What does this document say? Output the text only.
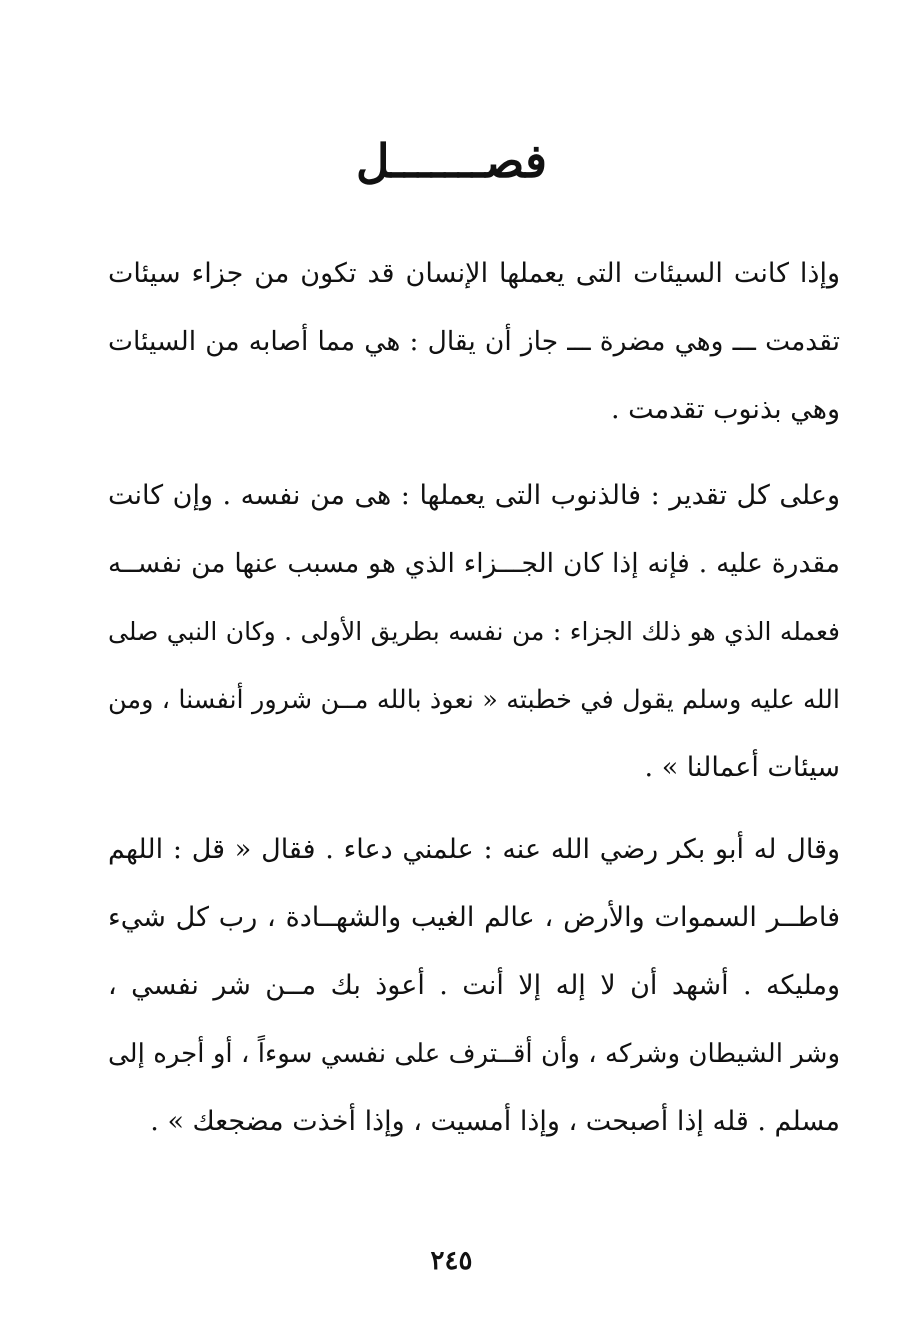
فصـــــــل
وإذا كانت السيئات التى يعملها الإنسان قد تكون من جزاء سيئات
تقدمت ـــ وهي مضرة ـــ جاز أن يقال : هي مما أصابه من السيئات
وهي بذنوب تقدمت .
وعلى كل تقدير : فالذنوب التى يعملها : هى من نفسه . وإن كانت
مقدرة عليه . فإنه إذا كان الجـــزاء الذي هو مسبب عنها من نفســه
فعمله الذي هو ذلك الجزاء : من نفسه بطريق الأولى . وكان النبي صلى
الله عليه وسلم يقول في خطبته « نعوذ بالله مــن شرور أنفسنا ، ومن
سيئات أعمالنا » .
وقال له أبو بكر رضي الله عنه : علمني دعاء . فقال « قل : اللهم
فاطــر السموات والأرض ، عالم الغيب والشهــادة ، رب كل شيء
ومليكه . أشهد أن لا إله إلا أنت . أعوذ بك مــن شر نفسي ،
وشر الشيطان وشركه ، وأن أقــترف على نفسي سوءاً ، أو أجره إلى
مسلم . قله إذا أصبحت ، وإذا أمسيت ، وإذا أخذت مضجعك » .
٢٤٥
